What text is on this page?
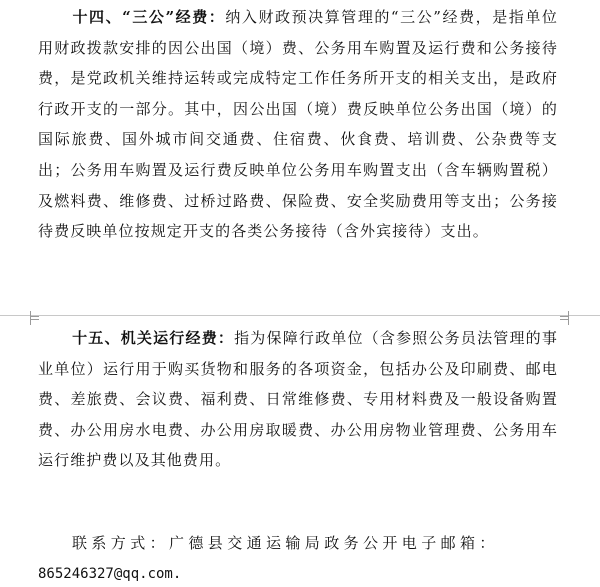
十四、“三公”经费：纳入财政预决算管理的“三公”经费，是指单位用财政拨款安排的因公出国（境）费、公务用车购置及运行费和公务接待费，是党政机关维持运转或完成特定工作任务所开支的相关支出，是政府行政开支的一部分。其中，因公出国（境）费反映单位公务出国（境）的国际旅费、国外城市间交通费、住宿费、伙食费、培训费、公杂费等支出；公务用车购置及运行费反映单位公务用车购置支出（含车辆购置税）及燃料费、维修费、过桥过路费、保险费、安全奖励费用等支出；公务接待费反映单位按规定开支的各类公务接待（含外宾接待）支出。

十五、机关运行经费：指为保障行政单位（含参照公务员法管理的事业单位）运行用于购买货物和服务的各项资金，包括办公及印刷费、邮电费、差旅费、会议费、福利费、日常维修费、专用材料费及一般设备购置费、办公用房水电费、办公用房取暖费、办公用房物业管理费、公务用车运行维护费以及其他费用。

联系方式：广德县交通运输局政务公开电子邮箱：
865246327@qq.com.
